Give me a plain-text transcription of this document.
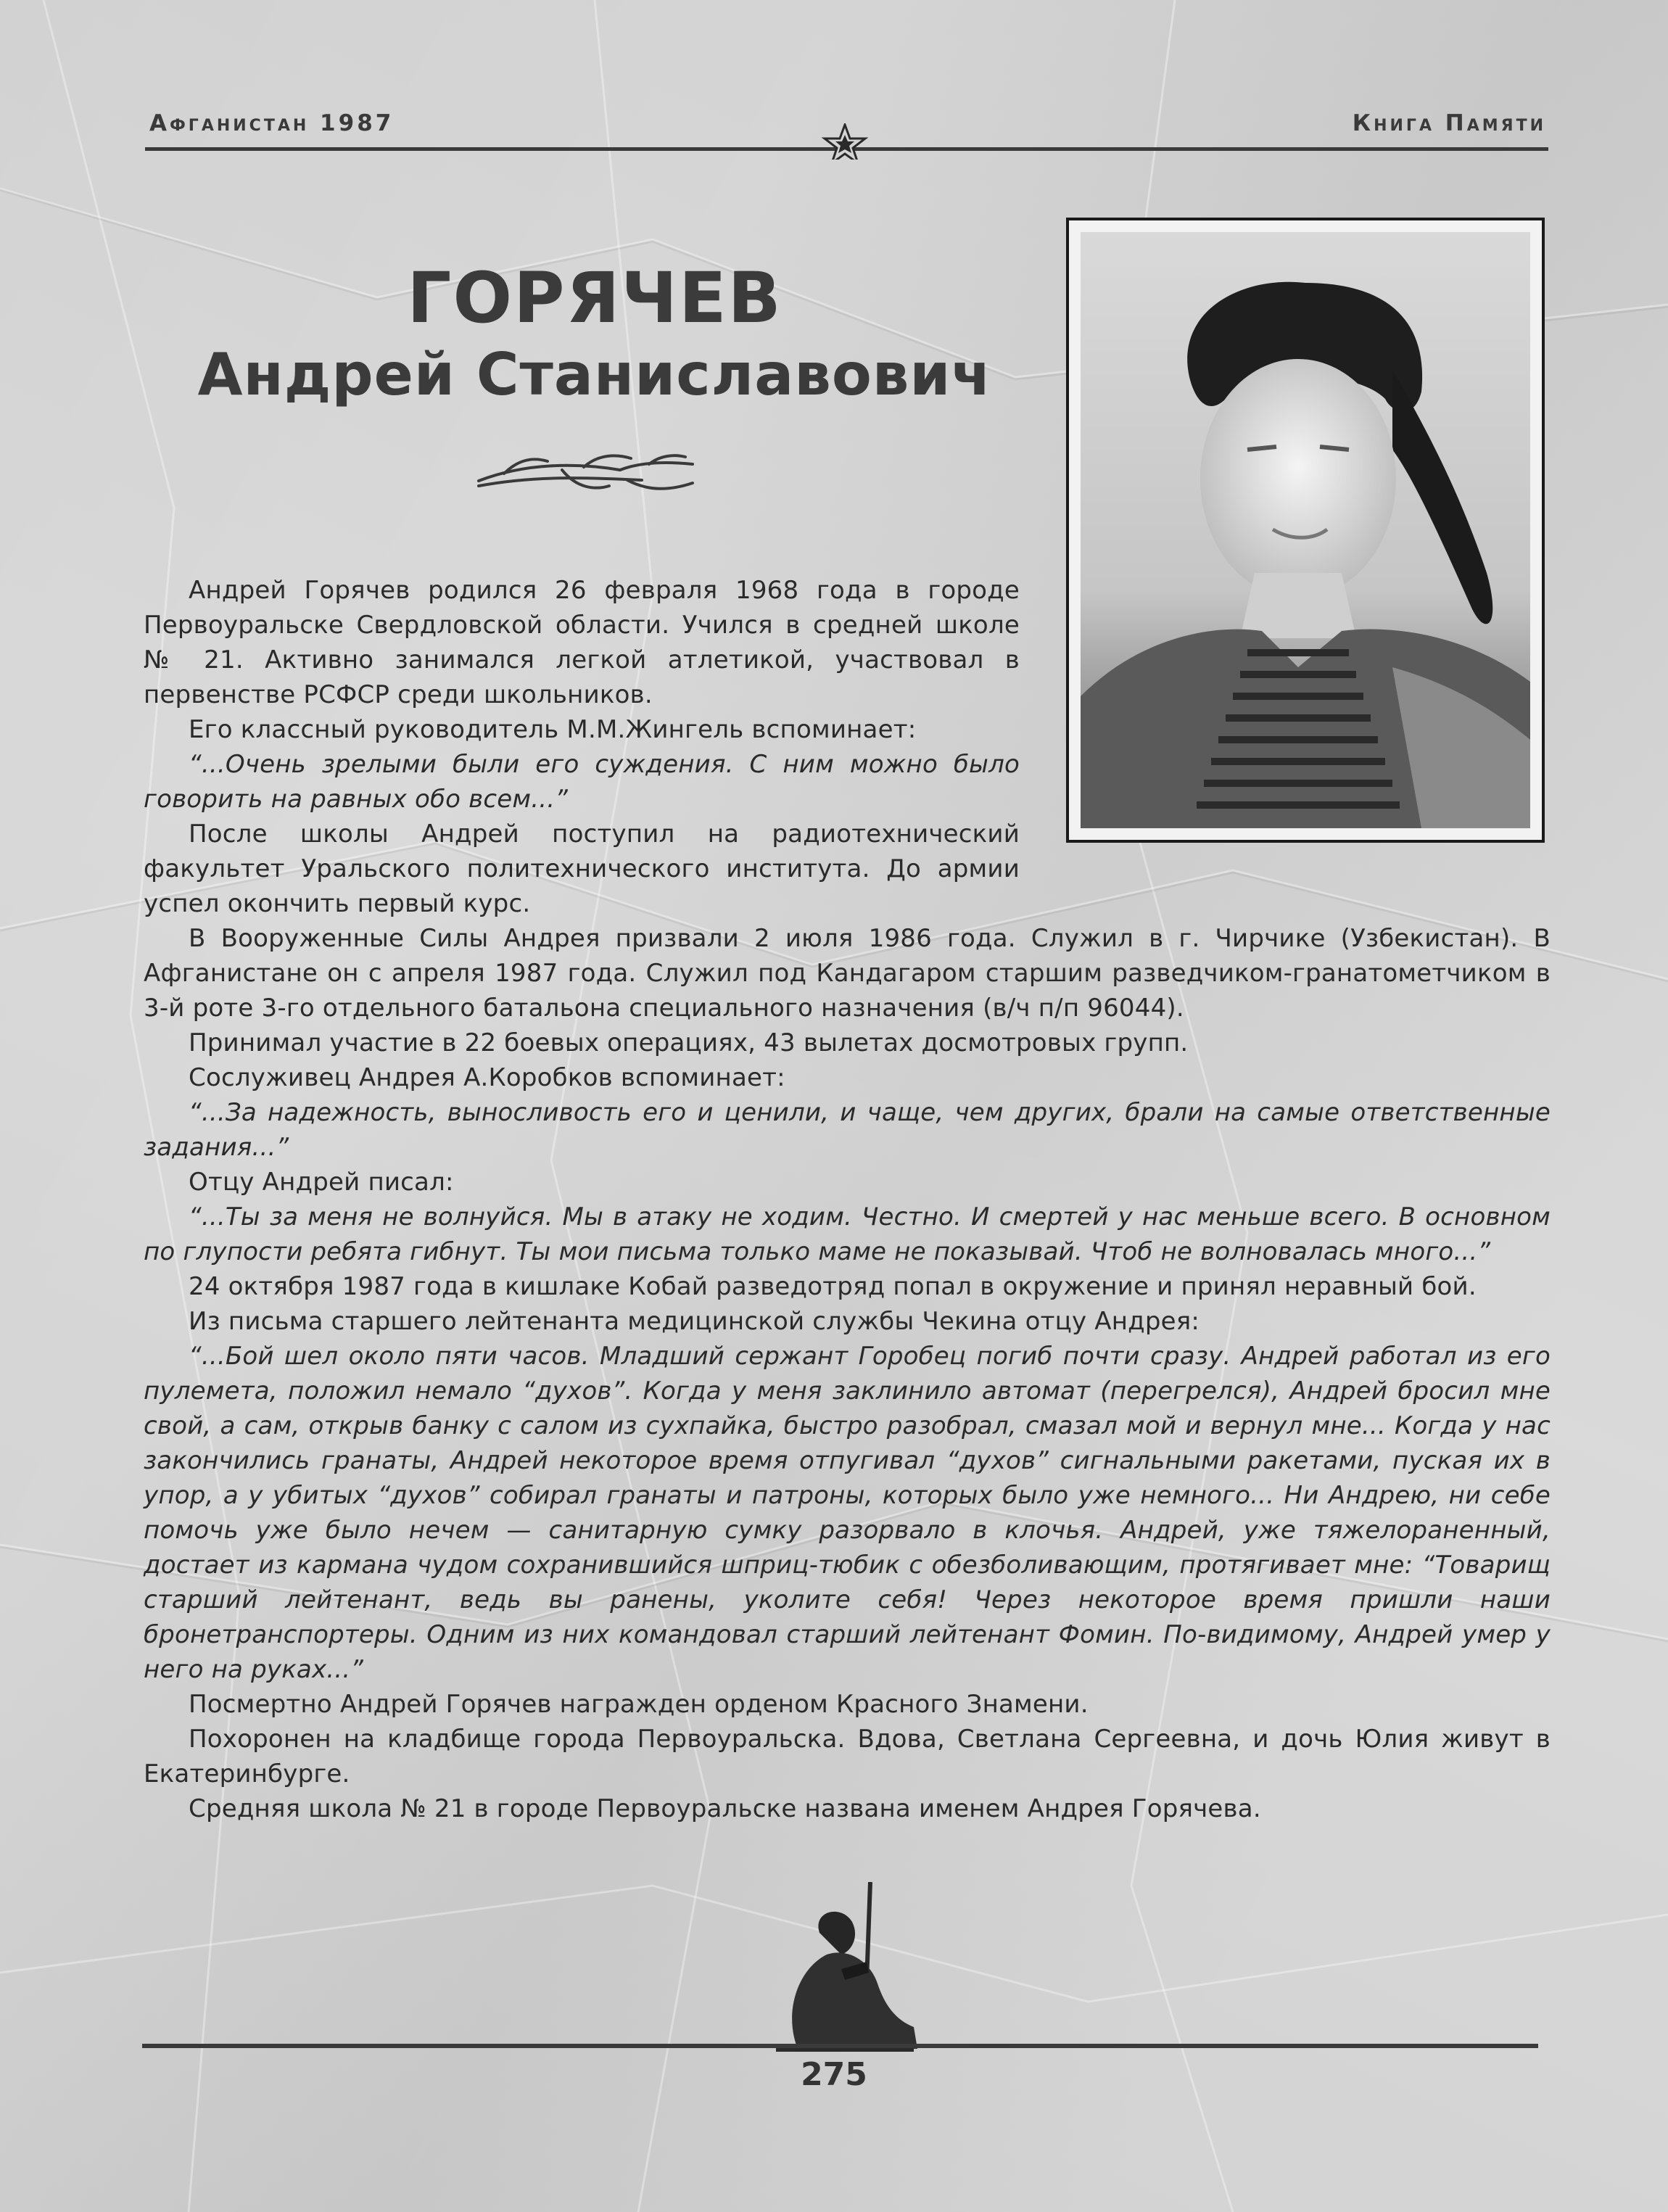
Афганистан 1987	Книга Памяти
ГОРЯЧЕВ
Андрей Станиславович

Андрей Горячев родился 26 февраля 1968 года в городе Первоуральске Свердловской области. Учился в средней школе № 21. Активно занимался легкой атлетикой, участвовал в первенстве РСФСР среди школьников.

Его классный руководитель М.М.Жингель вспоминает:

“...Очень зрелыми были его суждения. С ним можно было говорить на равных обо всем...”

После школы Андрей поступил на радиотехнический факультет Уральского политехнического института. До армии успел окончить первый курс.

В Вооруженные Силы Андрея призвали 2 июля 1986 года. Служил в г. Чирчике (Узбекистан). В Афганистане он с апреля 1987 года. Служил под Кандагаром старшим разведчиком-гранатометчиком в 3-й роте 3-го отдельного батальона специального назначения (в/ч п/п 96044).

Принимал участие в 22 боевых операциях, 43 вылетах досмотровых групп.

Сослуживец Андрея А.Коробков вспоминает:

“...За надежность, выносливость его и ценили, и чаще, чем других, брали на самые ответственные задания...”

Отцу Андрей писал:

“...Ты за меня не волнуйся. Мы в атаку не ходим. Честно. И смертей у нас меньше всего. В основном по глупости ребята гибнут. Ты мои письма только маме не показывай. Чтоб не волновалась много...”

24 октября 1987 года в кишлаке Кобай разведотряд попал в окружение и принял неравный бой.

Из письма старшего лейтенанта медицинской службы Чекина отцу Андрея:

“...Бой шел около пяти часов. Младший сержант Горобец погиб почти сразу. Андрей работал из его пулемета, положил немало “духов”. Когда у меня заклинило автомат (перегрелся), Андрей бросил мне свой, а сам, открыв банку с салом из сухпайка, быстро разобрал, смазал мой и вернул мне... Когда у нас закончились гранаты, Андрей некоторое время отпугивал “духов” сигнальными ракетами, пуская их в упор, а у убитых “духов” собирал гранаты и патроны, которых было уже немного... Ни Андрею, ни себе помочь уже было нечем — санитарную сумку разорвало в клочья. Андрей, уже тяжелораненный, достает из кармана чудом сохранившийся шприц-тюбик с обезболивающим, протягивает мне: “Товарищ старший лейтенант, ведь вы ранены, уколите себя! Через некоторое время пришли наши бронетранспортеры. Одним из них командовал старший лейтенант Фомин. По-видимому, Андрей умер у него на руках...”

Посмертно Андрей Горячев награжден орденом Красного Знамени.

Похоронен на кладбище города Первоуральска. Вдова, Светлана Сергеевна, и дочь Юлия живут в Екатеринбурге.

Средняя школа № 21 в городе Первоуральске названа именем Андрея Горячева.

275
